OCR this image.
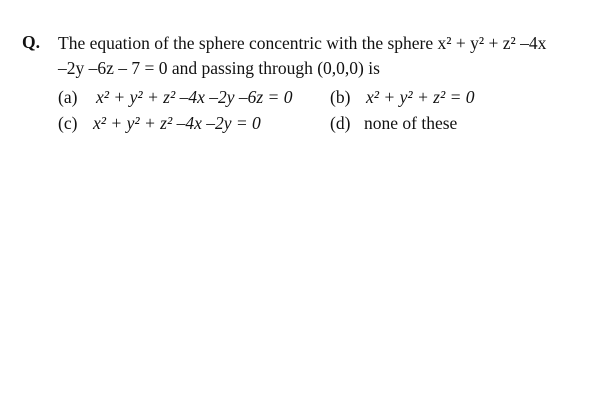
Q. The equation of the sphere concentric with the sphere x² + y² + z² –4x
–2y –6z – 7 = 0 and passing through (0,0,0) is
(a) x² + y² + z² –4x –2y –6z = 0 (b) x² + y² + z² = 0
(c) x² + y² + z² –4x –2y = 0	(d) none of these
